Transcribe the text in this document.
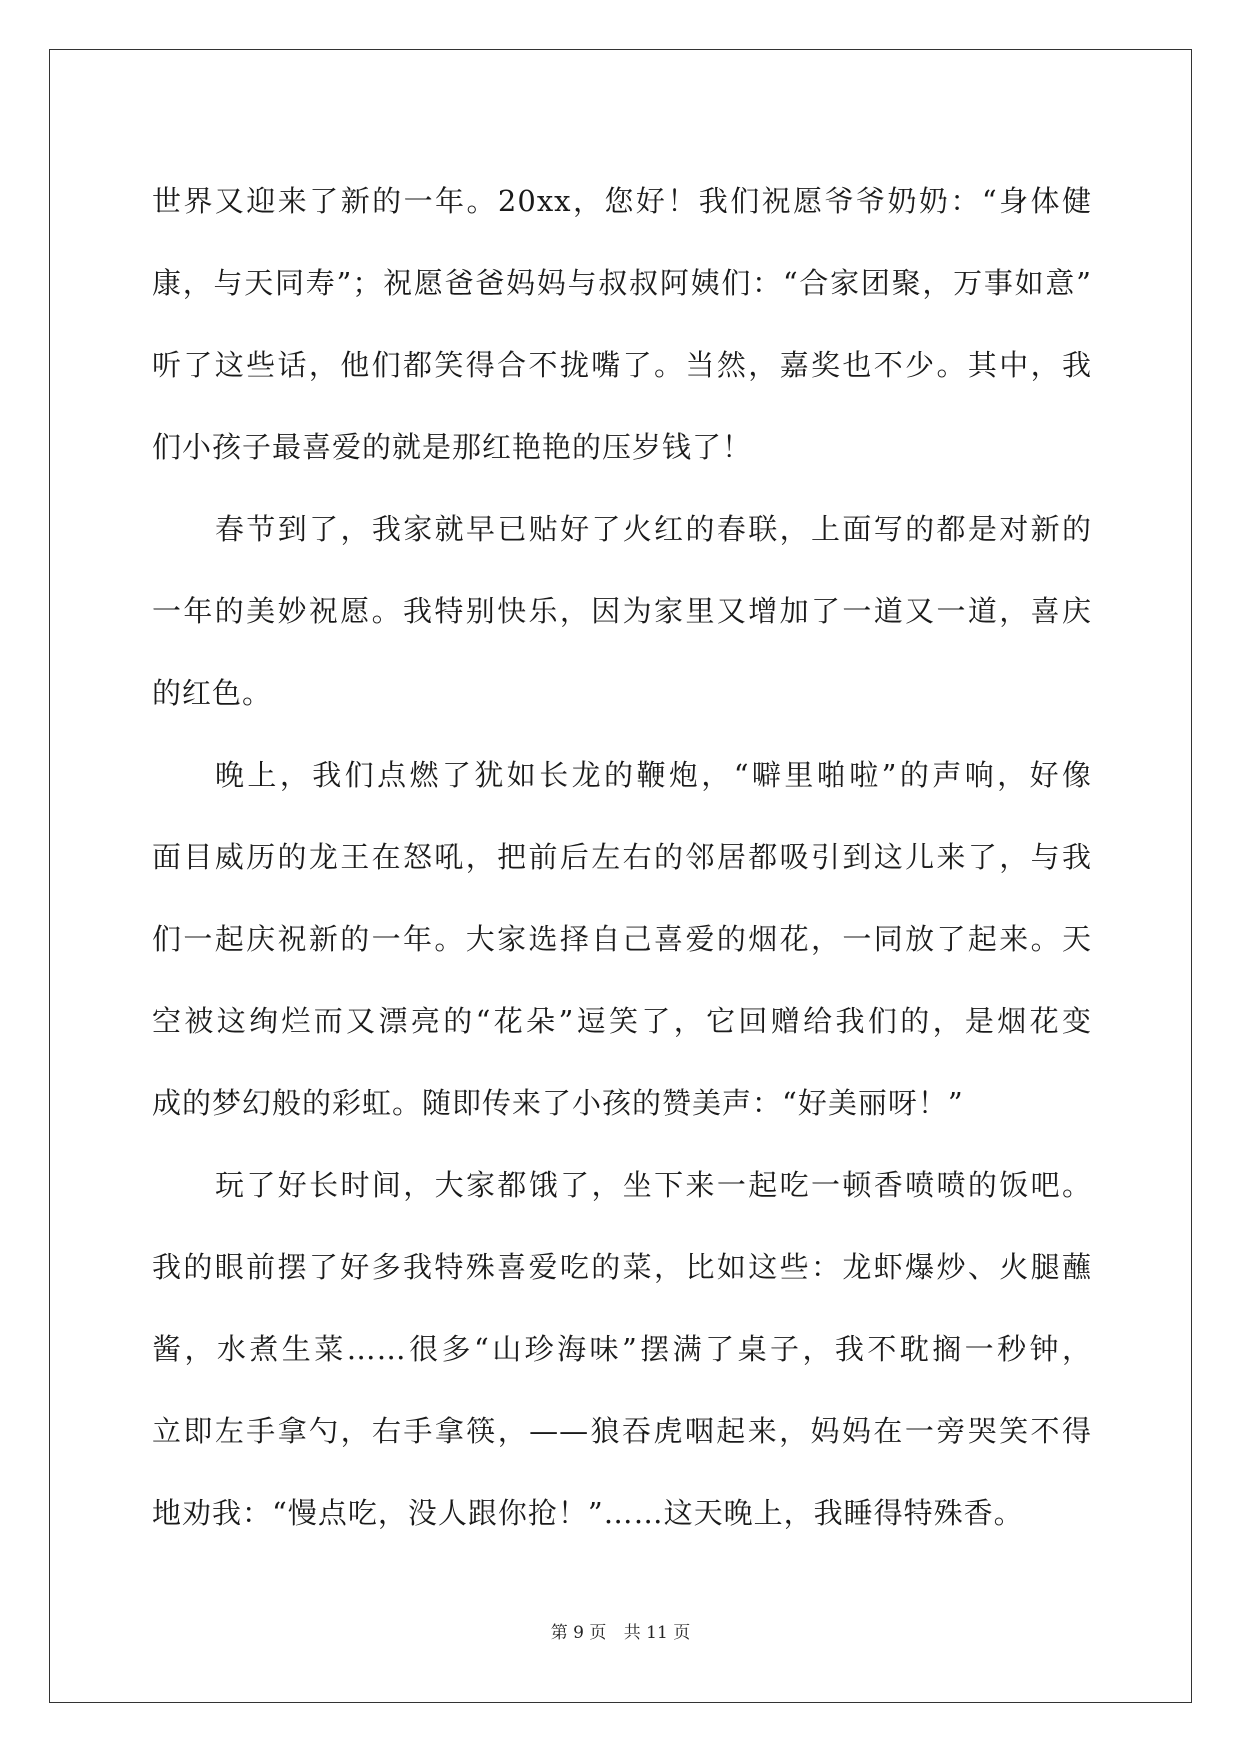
世界又迎来了新的一年。20xx，您好！我们祝愿爷爷奶奶：“身体健
康，与天同寿”；祝愿爸爸妈妈与叔叔阿姨们：“合家团聚，万事如意”
听了这些话，他们都笑得合不拢嘴了。当然，嘉奖也不少。其中，我
们小孩子最喜爱的就是那红艳艳的压岁钱了！
春节到了，我家就早已贴好了火红的春联，上面写的都是对新的
一年的美妙祝愿。我特别快乐，因为家里又增加了一道又一道，喜庆
的红色。
晚上，我们点燃了犹如长龙的鞭炮，“噼里啪啦”的声响，好像
面目威历的龙王在怒吼，把前后左右的邻居都吸引到这儿来了，与我
们一起庆祝新的一年。大家选择自己喜爱的烟花，一同放了起来。天
空被这绚烂而又漂亮的“花朵”逗笑了，它回赠给我们的，是烟花变
成的梦幻般的彩虹。随即传来了小孩的赞美声：“好美丽呀！”
玩了好长时间，大家都饿了，坐下来一起吃一顿香喷喷的饭吧。
我的眼前摆了好多我特殊喜爱吃的菜，比如这些：龙虾爆炒、火腿蘸
酱，水煮生菜……很多“山珍海味”摆满了桌子，我不耽搁一秒钟，
立即左手拿勺，右手拿筷，——狼吞虎咽起来，妈妈在一旁哭笑不得
地劝我：“慢点吃，没人跟你抢！”……这天晚上，我睡得特殊香。
第 9 页 共 11 页
